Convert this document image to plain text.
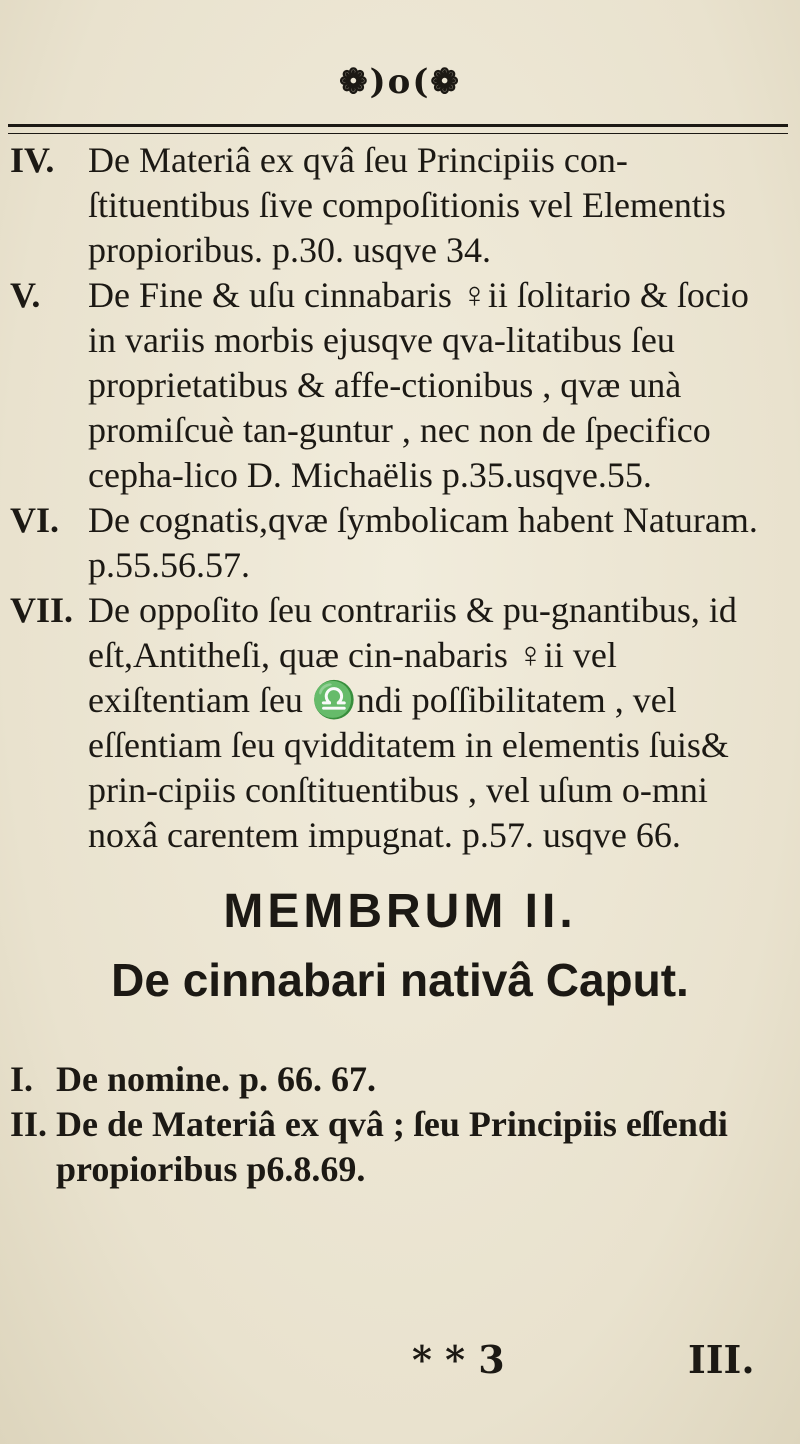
❁)o(❁
IV. De Materiâ ex qvâ ſeu Principiis con-ſtituentibus ſive compoſitionis vel Elementis propioribus. p.30. usqve 34.
V. De Fine & uſu cinnabaris ♀ii ſolitario & ſocio in variis morbis ejusqve qva-litatibus ſeu proprietatibus & affe-ctionibus , qvæ unà promiſcuè tan-guntur , nec non de ſpecifico cepha-lico D. Michaëlis p.35.usqve.55.
VI. De cognatis,qvæ ſymbolicam habent Naturam. p.55.56.57.
VII. De oppoſito ſeu contrariis & pu-gnantibus, id eſt,Antitheſi, quæ cin-nabaris ♀ii vel exiſtentiam ſeu ♎ndi poſſibilitatem , vel eſſentiam ſeu qvidditatem in elementis ſuis& prin-cipiis conſtituentibus , vel uſum o-mni noxâ carentem impugnat. p.57. usqve 66.
MEMBRUM II.
De cinnabari nativâ Caput.
I. De nomine. p. 66. 67.
II. De de Materiâ ex qvâ ; ſeu Principiis eſſendi propioribus p6.8.69.
* * 3	III.
